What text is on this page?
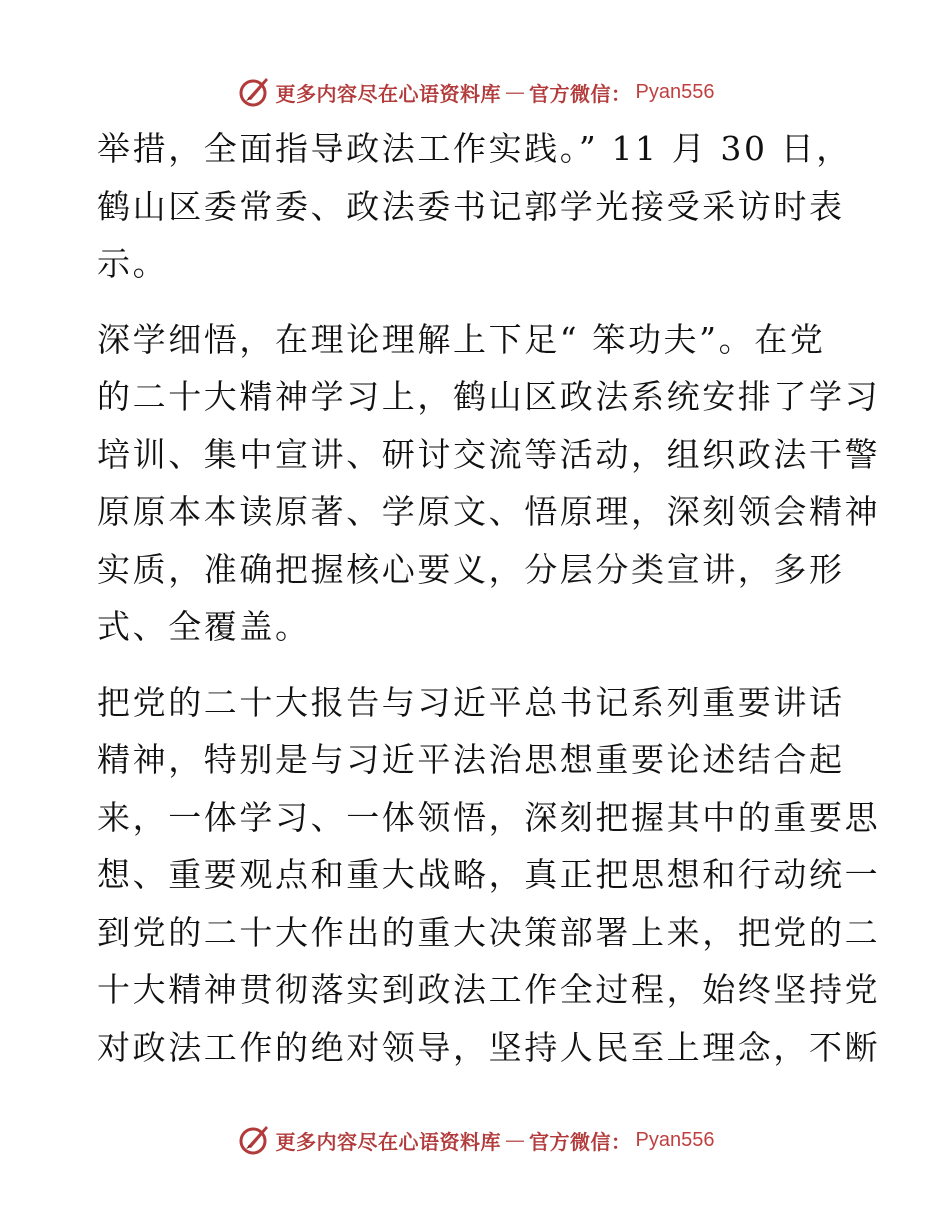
更多内容尽在心语资料库 — 官方微信： Pyan556
举措，全面指导政法工作实践。” 11 月 30 日，
鹤山区委常委、政法委书记郭学光接受采访时表
示。
深学细悟，在理论理解上下足“ 笨功夫”。在党
的二十大精神学习上，鹤山区政法系统安排了学习
培训、集中宣讲、研讨交流等活动，组织政法干警
原原本本读原著、学原文、悟原理，深刻领会精神
实质，准确把握核心要义，分层分类宣讲，多形
式、全覆盖。
把党的二十大报告与习近平总书记系列重要讲话
精神，特别是与习近平法治思想重要论述结合起
来，一体学习、一体领悟，深刻把握其中的重要思
想、重要观点和重大战略，真正把思想和行动统一
到党的二十大作出的重大决策部署上来，把党的二
十大精神贯彻落实到政法工作全过程，始终坚持党
对政法工作的绝对领导，坚持人民至上理念，不断
更多内容尽在心语资料库 — 官方微信： Pyan556
